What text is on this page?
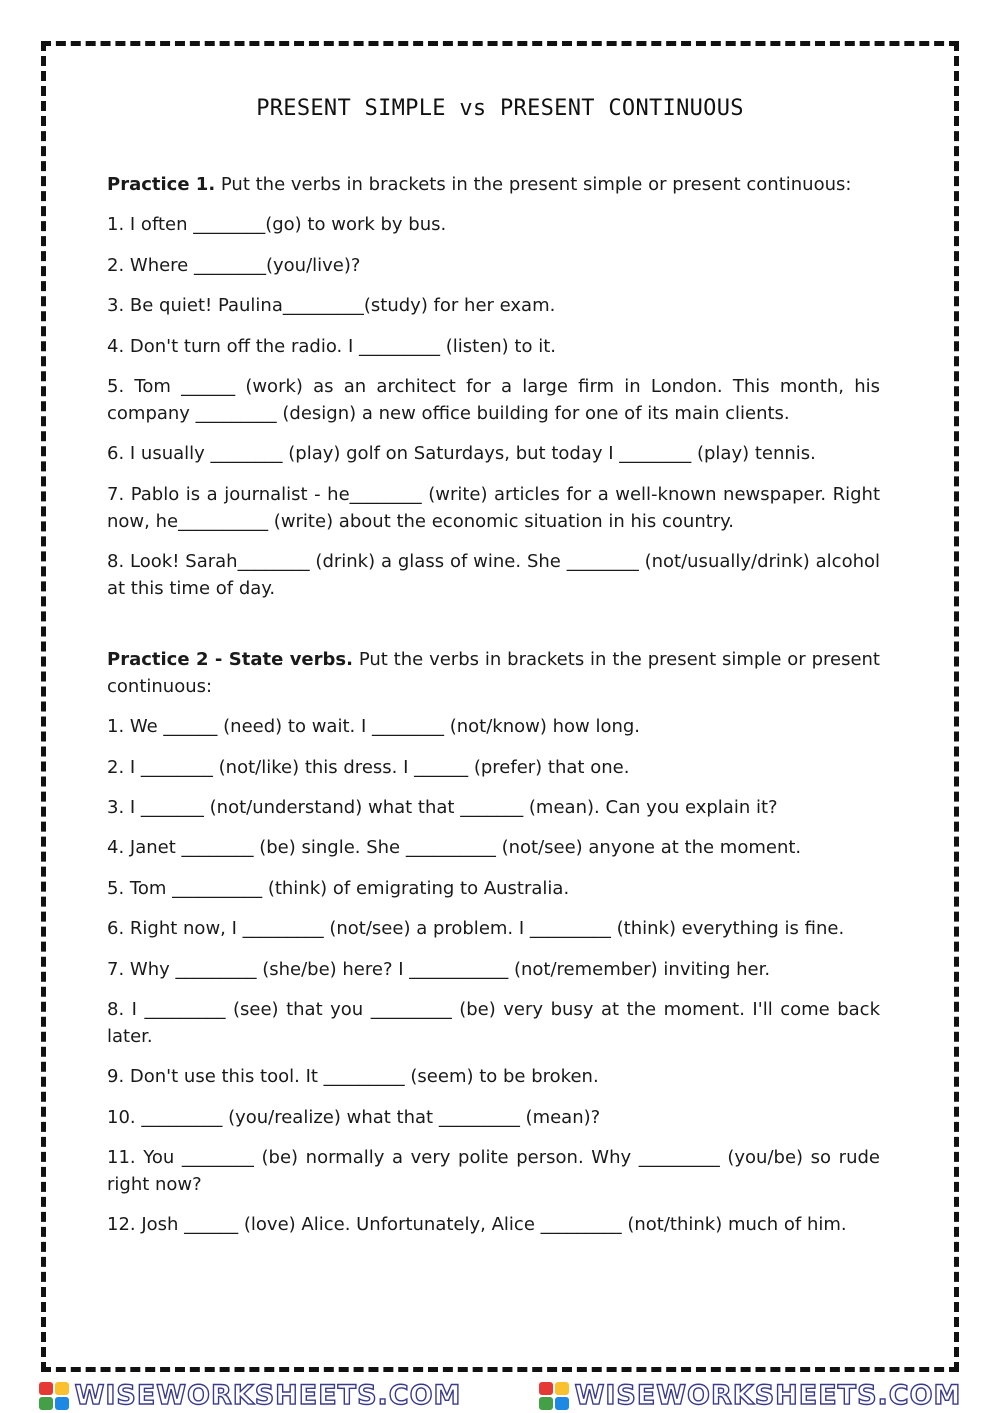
PRESENT SIMPLE vs PRESENT CONTINUOUS
Practice 1. Put the verbs in brackets in the present simple or present continuous:
1. I often ________(go) to work by bus.
2. Where ________(you/live)?
3. Be quiet! Paulina_________(study) for her exam.
4. Don't turn off the radio. I _________ (listen) to it.
5. Tom ______ (work) as an architect for a large firm in London. This month, his company _________ (design) a new office building for one of its main clients.
6. I usually ________ (play) golf on Saturdays, but today I ________ (play) tennis.
7. Pablo is a journalist - he________ (write) articles for a well-known newspaper. Right now, he__________ (write) about the economic situation in his country.
8. Look! Sarah________ (drink) a glass of wine. She ________ (not/usually/drink) alcohol at this time of day.
Practice 2 - State verbs. Put the verbs in brackets in the present simple or present continuous:
1. We ______ (need) to wait. I ________ (not/know) how long.
2. I ________ (not/like) this dress. I ______ (prefer) that one.
3. I _______ (not/understand) what that _______ (mean). Can you explain it?
4. Janet ________ (be) single. She __________ (not/see) anyone at the moment.
5. Tom __________ (think) of emigrating to Australia.
6. Right now, I _________ (not/see) a problem. I _________ (think) everything is fine.
7. Why _________ (she/be) here? I ___________ (not/remember) inviting her.
8. I _________ (see) that you _________ (be) very busy at the moment. I'll come back later.
9. Don't use this tool. It _________ (seem) to be broken.
10. _________ (you/realize) what that _________ (mean)?
11. You ________ (be) normally a very polite person. Why _________ (you/be) so rude right now?
12. Josh ______ (love) Alice. Unfortunately, Alice _________ (not/think) much of him.
WISEWORKSHEETS.COM	WISEWORKSHEETS.COM
